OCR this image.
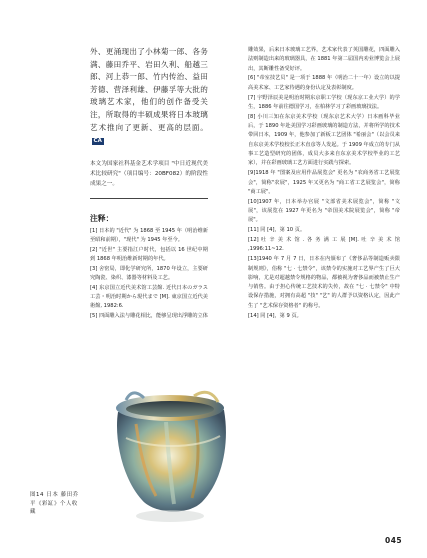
外、更涌现出了小林菊一郎、各务满、藤田乔平、岩田久利、船越三郎、河上恭一郎、竹内传治、益田芳德、营泽利雄、伊藤孚等大批的玻璃艺术家，他们的创作备受关注，所取得的丰硕成果将日本玻璃艺术推向了更新、更高的层面。CA

本文为国家社科基金艺术学项目 "中日近现代美术比较研究"（项目编号：20BF082）的阶段性成果之一。

注释：

[1] 日本的 "近代" 为 1868 至 1945 年（明治维新至昭和前期），"现代" 为 1945 年至今。

[2] "近世" 主要指江户时代，包括以 16 世纪中期到 1868 年明治维新时期的年代。

[3] 舍密局，即化学研究所，1870 年设立，主要研究陶瓷、染织、漆器等材料及工艺。

[4] 东京国立近代美术馆工芸館. 近代日本のガラス工芸・明治时期から現代まで [M]. 東京国立近代美術館, 1982:6.

[5] 四面雕入法与雕花相比，能够呈现出浮雕的立体

雕效果，后来日本玻璃工艺界，艺术家代表了英国雕花，四面雕入法则制造出来的玻璃器具，在 1881 年第二届国内劝业博览会上展出，其断雕性备受好评。

[6] "帝室技艺员" 是一项于 1888 年（明治二十一年）设立的以提高美术家、工艺家待遇的身份认定及表彰制度。

[7] 宇野泽辰美是明治时期东京职工学校（现东京工业大学）的学生，1886 年前往德国学习，在柏林学习了彩画玻璃技法。

[8] 小川三知在东京美术学校（现东京艺术大学）日本画科毕业后，于 1890 年赴美国学习彩画玻璃的制造方法，并将所学的技术带回日本，1909 年，他参加了新板工艺团体 "希丽会"（以会员来自东京美术学校校长正木直彦等人发起。于 1909 年成立的专门从事工艺造型研究的团体，成员大多来自东京美术学校毕业的工艺家），并在彩画玻璃工艺方面进行实践与探索。

[9]1918 年 "图案及应用作品展览会" 更名为 "农商务省工艺展览会"，简称"农展"，1925 年又更名为 "商工省工艺展览会"，简称 "商工展"。

[10]1907 年，日本举办官展 "文部省美术展览会"，简称 "文展"，该展览在 1927 年更名为 "帝国美术院展览会"，简称 "帝展"。

[11] 同 [4]，第 10 页。

[12] 吐 辛 美 术 馆 . 各 务 满 工 展 [M]. 吐 辛 美 术 馆 ,1996:11~12.

[13]1940 年 7 月 7 日，日本在内颁布了《奢侈品等制造贩卖限制规则》，俗称 "七 · 七禁令"，该禁令的实施对工艺界产生了巨大影响，尤是对超越禁令规格的物品，都被视为奢侈品而被禁止生产与销售。由于担心传统工艺技术的失传，故在 "七 · 七禁令" 中特设保存措施，对拥有高超 "技" "艺" 的人群予以资格认定，因此产生了 "艺术保存资格者" 的称号。

[14] 同 [4]，第 9 页。

图14 日本 藤田乔平《彩缸》个人收藏
045
